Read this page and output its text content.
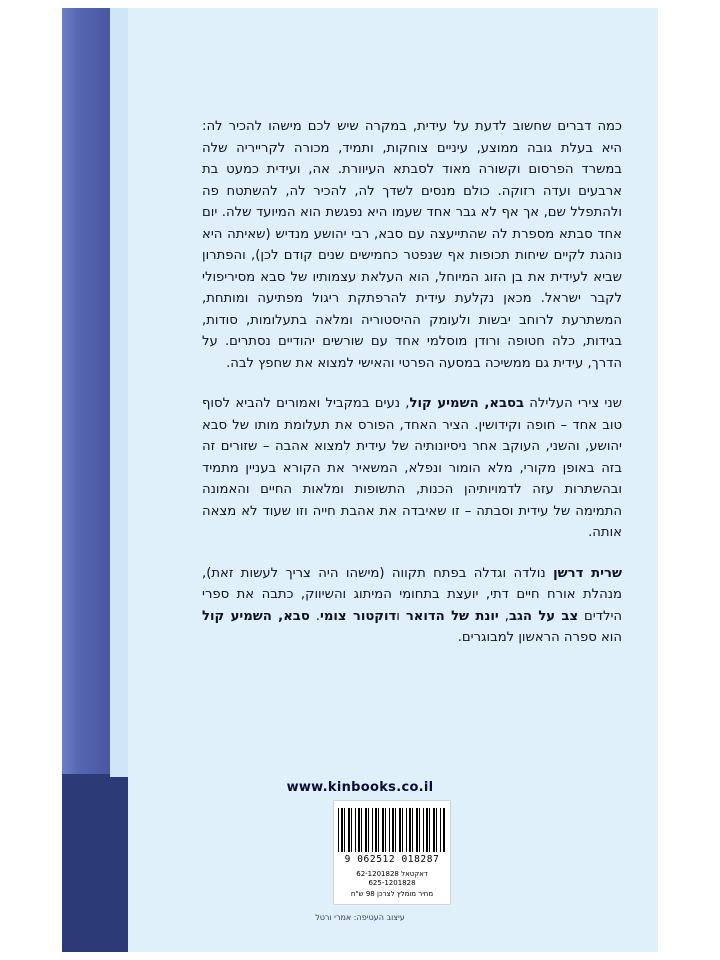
כמה דברים שחשוב לדעת על עידית, במקרה שיש לכם מישהו להכיר לה: היא בעלת גובה ממוצע, עיניים צוחקות, ותמיד, מכורה לקרייריה שלה במשרד הפרסום וקשורה מאוד לסבתא העיוורת. אה, ועידית כמעט בת ארבעים ועדה רזוקה. כולם מנסים לשדך לה, להכיר לה, להשתטח פה ולהתפלל שם, אך אף לא גבר אחד שעמו היא נפגשת הוא המיועד שלה. יום אחד סבתא מספרת לה שהתייעצה עם סבא, רבי יהושע מנדיש (שאיתה היא נוהגת לקיים שיחות תכופות אף שנפטר כחמישים שנים קודם לכן), והפתרון שביא לעידית את בן הזוג המיוחל, הוא העלאת עצמותיו של סבא מסיריפולי לקבר ישראל. מכאן נקלעת עידית להרפתקת ריגול מפתיעה ומותחת, המשתרעת לרוחב יבשות ולעומק ההיסטוריה ומלאה בתעלומות, סודות, בגידות, כלה חטופה ורודן מוסלמי אחד עם שורשים יהודיים נסתרים. על הדרך, עידית גם ממשיכה במסעה הפרטי והאישי למצוא את שחפץ לבה.

שני צירי העלילה בסבא, השמיע קול, נעים במקביל ואמורים להביא לסוף טוב אחד – חופה וקידושין. הציר האחד, הפורס את תעלומת מותו של סבא יהושע, והשני, העוקב אחר ניסיונותיה של עידית למצוא אהבה – שזורים זה בזה באופן מקורי, מלא הומור ונפלא, המשאיר את הקורא בעניין מתמיד ובהשתרות עזה לדמויותיהן הכנות, התשופות ומלאות החיים והאמונה התמימה של עידית וסבתה – זו שאיבדה את אהבת חייה וזו שעוד לא מצאה אותה.

שרית דרשן נולדה וגדלה בפתח תקווה (מישהו היה צריך לעשות זאת), מנהלת אורח חיים דתי, יועצת בתחומי המיתוג והשיווק, כתבה את ספרי הילדים צב על הגב, יונת של הדואר ודוקטור צומי. סבא, השמיע קול הוא ספרה הראשון למבוגרים.

www.kinbooks.co.il
9 062512 018287
דאקטאל 62-1201828
625-1201828
מחיר מומלץ לצרכן 98 ש"ח
עיצוב העטיפה: אמרי ורטל
